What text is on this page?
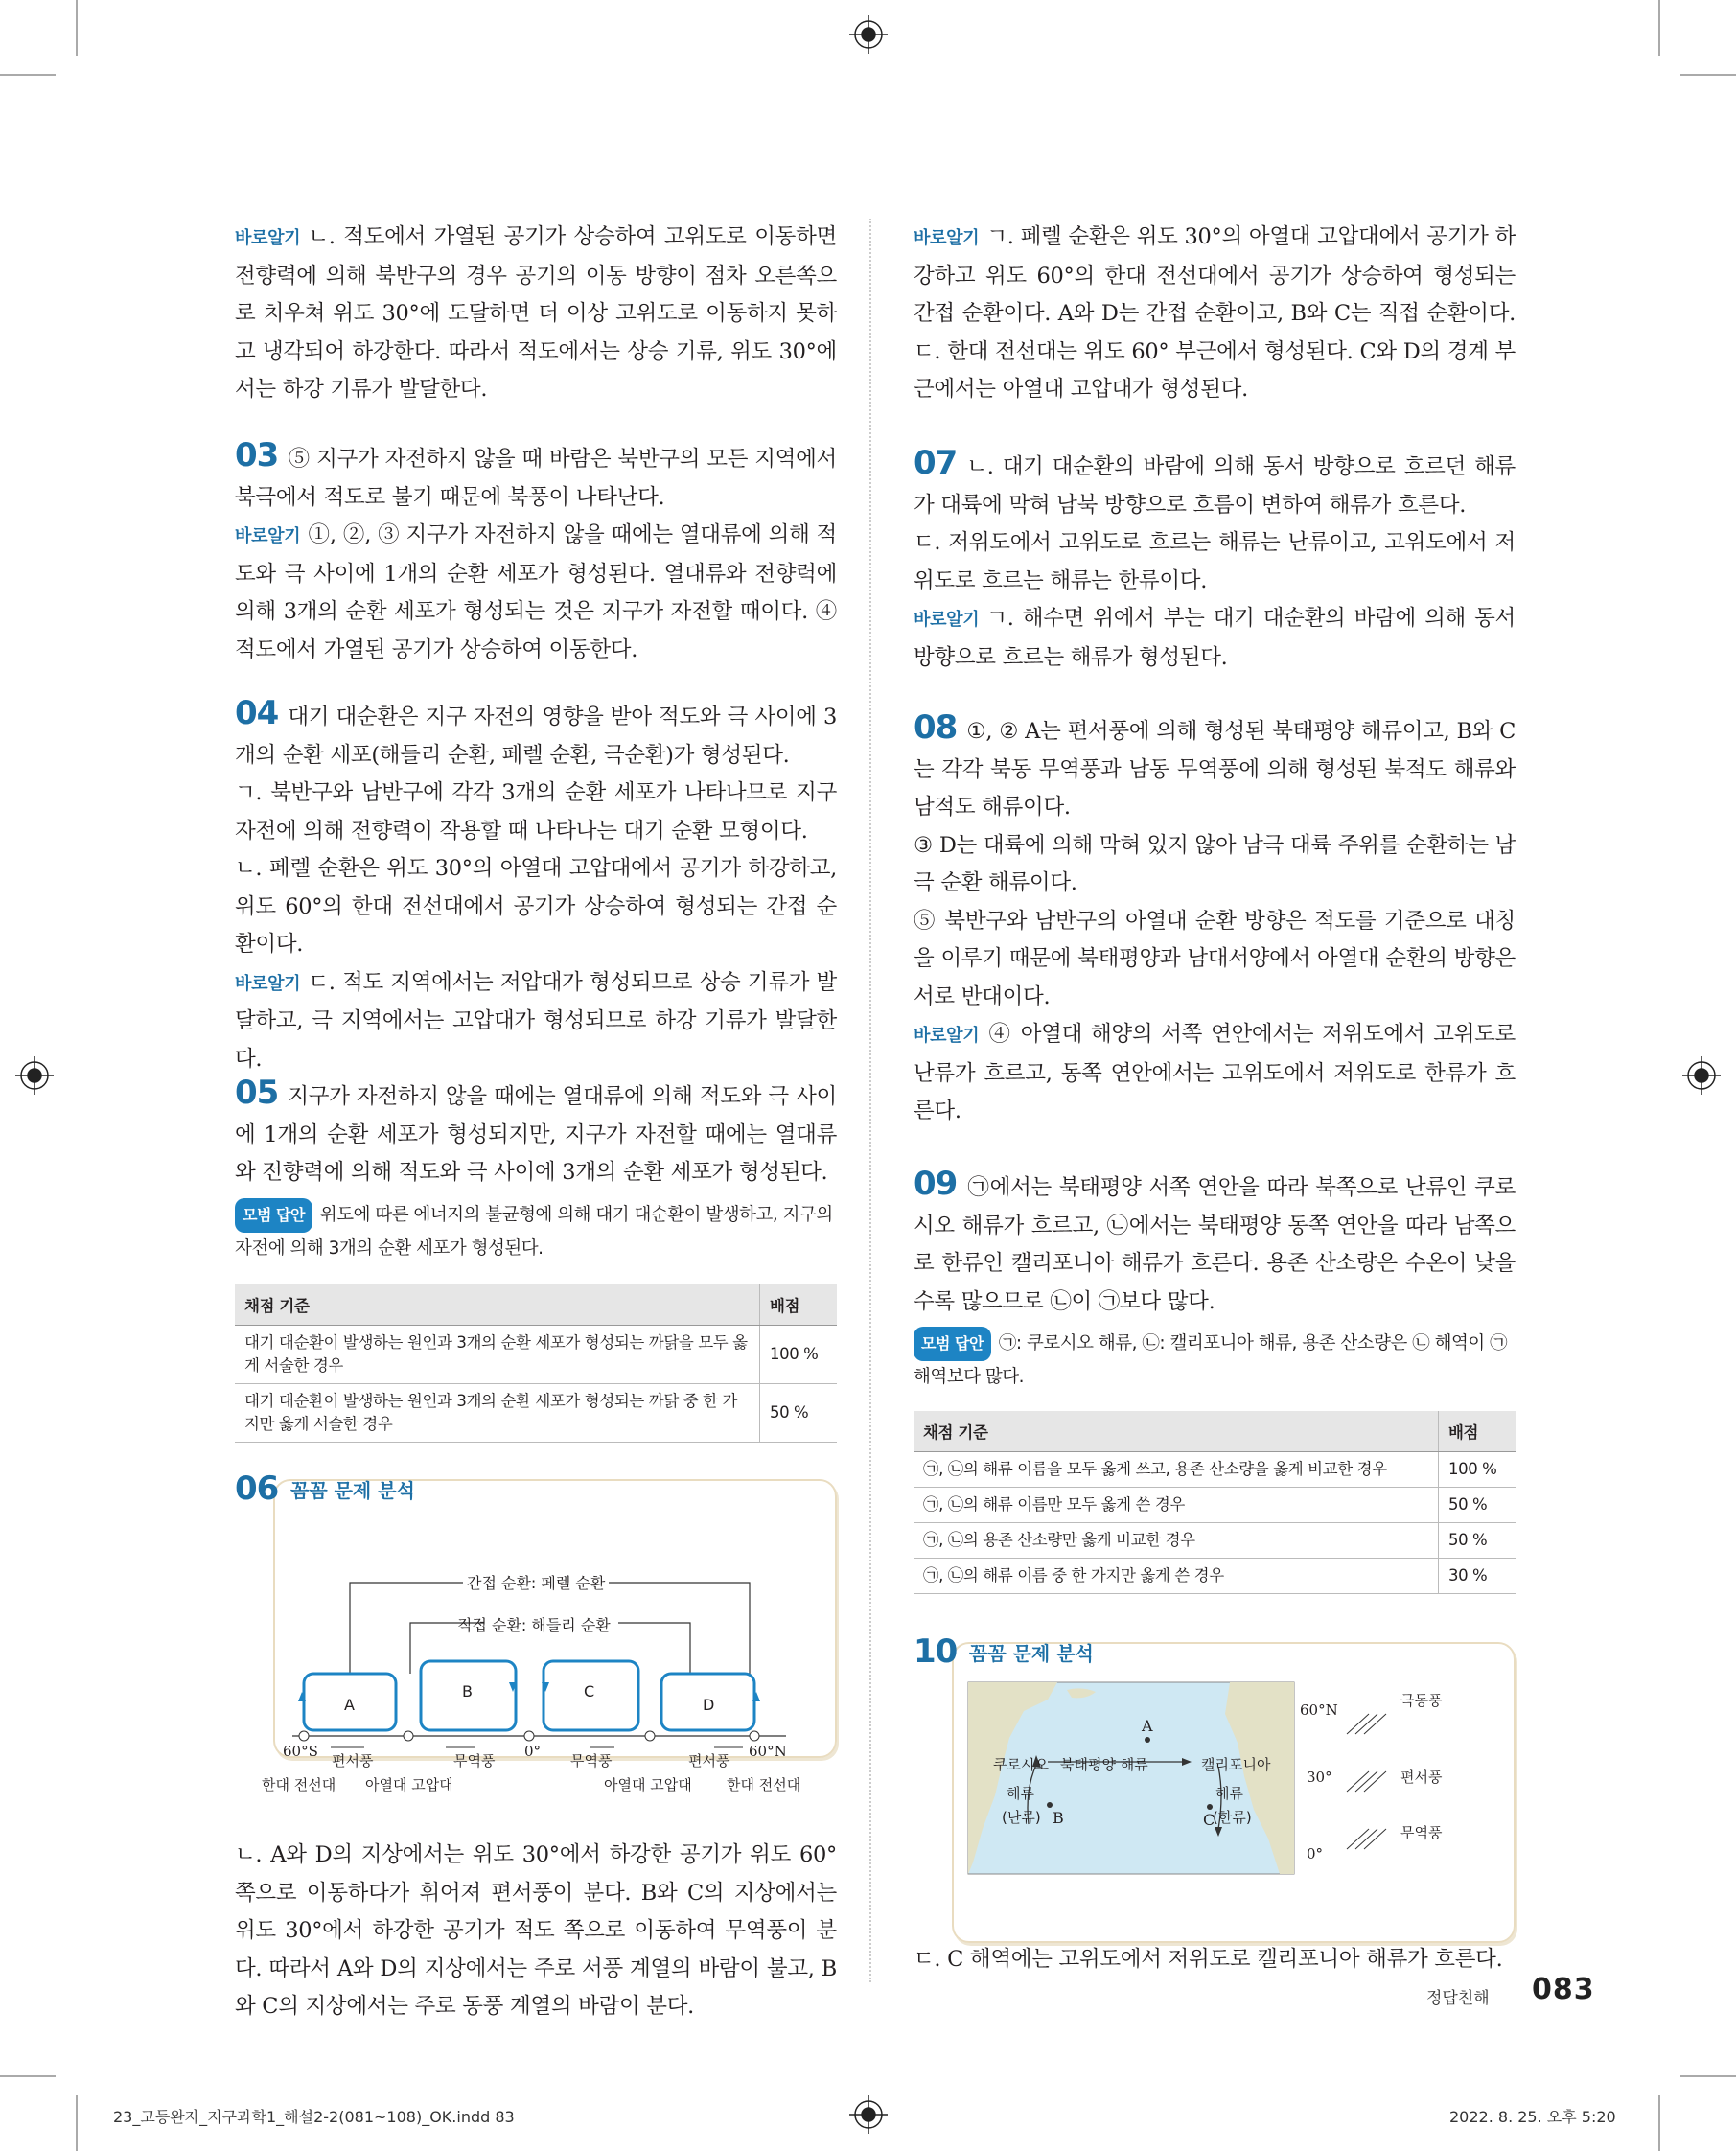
바로알기 ㄴ. 적도에서 가열된 공기가 상승하여 고위도로 이동하면 전향력에 의해 북반구의 경우 공기의 이동 방향이 점차 오른쪽으로 치우쳐 위도 30°에 도달하면 더 이상 고위도로 이동하지 못하고 냉각되어 하강한다. 따라서 적도에서는 상승 기류, 위도 30°에서는 하강 기류가 발달한다.

03 ⑤ 지구가 자전하지 않을 때 바람은 북반구의 모든 지역에서 북극에서 적도로 불기 때문에 북풍이 나타난다.

바로알기 ①, ②, ③ 지구가 자전하지 않을 때에는 열대류에 의해 적도와 극 사이에 1개의 순환 세포가 형성된다. 열대류와 전향력에 의해 3개의 순환 세포가 형성되는 것은 지구가 자전할 때이다. ④ 적도에서 가열된 공기가 상승하여 이동한다.

04 대기 대순환은 지구 자전의 영향을 받아 적도와 극 사이에 3개의 순환 세포(해들리 순환, 페렐 순환, 극순환)가 형성된다.

ㄱ. 북반구와 남반구에 각각 3개의 순환 세포가 나타나므로 지구 자전에 의해 전향력이 작용할 때 나타나는 대기 순환 모형이다.

ㄴ. 페렐 순환은 위도 30°의 아열대 고압대에서 공기가 하강하고, 위도 60°의 한대 전선대에서 공기가 상승하여 형성되는 간접 순환이다.

바로알기 ㄷ. 적도 지역에서는 저압대가 형성되므로 상승 기류가 발달하고, 극 지역에서는 고압대가 형성되므로 하강 기류가 발달한다.

05 지구가 자전하지 않을 때에는 열대류에 의해 적도와 극 사이에 1개의 순환 세포가 형성되지만, 지구가 자전할 때에는 열대류와 전향력에 의해 적도와 극 사이에 3개의 순환 세포가 형성된다.

모범 답안 위도에 따른 에너지의 불균형에 의해 대기 대순환이 발생하고, 지구의 자전에 의해 3개의 순환 세포가 형성된다.
채점 기준	배점
대기 대순환이 발생하는 원인과 3개의 순환 세포가 형성되는 까닭을 모두 옳게 서술한 경우	100 %
대기 대순환이 발생하는 원인과 3개의 순환 세포가 형성되는 까닭 중 한 가지만 옳게 서술한 경우	50 %
06 꼼꼼 문제 분석
간접 순환: 페렐 순환
직접 순환: 해들리 순환
A
B	C
D
60°S	0°	60°N
편서풍	무역풍	무역풍	편서풍
한대 전선대 아열대 고압대	아열대 고압대 한대 전선대

ㄴ. A와 D의 지상에서는 위도 30°에서 하강한 공기가 위도 60° 쪽으로 이동하다가 휘어져 편서풍이 분다. B와 C의 지상에서는 위도 30°에서 하강한 공기가 적도 쪽으로 이동하여 무역풍이 분다. 따라서 A와 D의 지상에서는 주로 서풍 계열의 바람이 불고, B와 C의 지상에서는 주로 동풍 계열의 바람이 분다.

바로알기 ㄱ. 페렐 순환은 위도 30°의 아열대 고압대에서 공기가 하강하고 위도 60°의 한대 전선대에서 공기가 상승하여 형성되는 간접 순환이다. A와 D는 간접 순환이고, B와 C는 직접 순환이다. ㄷ. 한대 전선대는 위도 60° 부근에서 형성된다. C와 D의 경계 부근에서는 아열대 고압대가 형성된다.

07 ㄴ. 대기 대순환의 바람에 의해 동서 방향으로 흐르던 해류가 대륙에 막혀 남북 방향으로 흐름이 변하여 해류가 흐른다.

ㄷ. 저위도에서 고위도로 흐르는 해류는 난류이고, 고위도에서 저위도로 흐르는 해류는 한류이다.

바로알기 ㄱ. 해수면 위에서 부는 대기 대순환의 바람에 의해 동서 방향으로 흐르는 해류가 형성된다.

08 ①, ② A는 편서풍에 의해 형성된 북태평양 해류이고, B와 C는 각각 북동 무역풍과 남동 무역풍에 의해 형성된 북적도 해류와 남적도 해류이다.

③ D는 대륙에 의해 막혀 있지 않아 남극 대륙 주위를 순환하는 남극 순환 해류이다.

⑤ 북반구와 남반구의 아열대 순환 방향은 적도를 기준으로 대칭을 이루기 때문에 북태평양과 남대서양에서 아열대 순환의 방향은 서로 반대이다.

바로알기 ④ 아열대 해양의 서쪽 연안에서는 저위도에서 고위도로 난류가 흐르고, 동쪽 연안에서는 고위도에서 저위도로 한류가 흐른다.

09 ㉠에서는 북태평양 서쪽 연안을 따라 북쪽으로 난류인 쿠로시오 해류가 흐르고, ㉡에서는 북태평양 동쪽 연안을 따라 남쪽으로 한류인 캘리포니아 해류가 흐른다. 용존 산소량은 수온이 낮을수록 많으므로 ㉡이 ㉠보다 많다.

모범 답안 ㉠: 쿠로시오 해류, ㉡: 캘리포니아 해류, 용존 산소량은 ㉡ 해역이 ㉠ 해역보다 많다.
채점 기준	배점
㉠, ㉡의 해류 이름을 모두 옳게 쓰고, 용존 산소량을 옳게 비교한 경우	100 %
㉠, ㉡의 해류 이름만 모두 옳게 쓴 경우	50 %
㉠, ㉡의 용존 산소량만 옳게 비교한 경우	50 %
㉠, ㉡의 해류 이름 중 한 가지만 옳게 쓴 경우	30 %
10 꼼꼼 문제 분석
A
B	C
쿠로시오 북태평양 해류	캘리포니아
해류
(난류)
해류
(한류)
60°N
30°
0°
극동풍
편서풍
무역풍

ㄷ. C 해역에는 고위도에서 저위도로 캘리포니아 해류가 흐른다.

정답친해 083
23_고등완자_지구과학1_해설2-2(081~108)_OK.indd 83	2022. 8. 25. 오후 5:20
